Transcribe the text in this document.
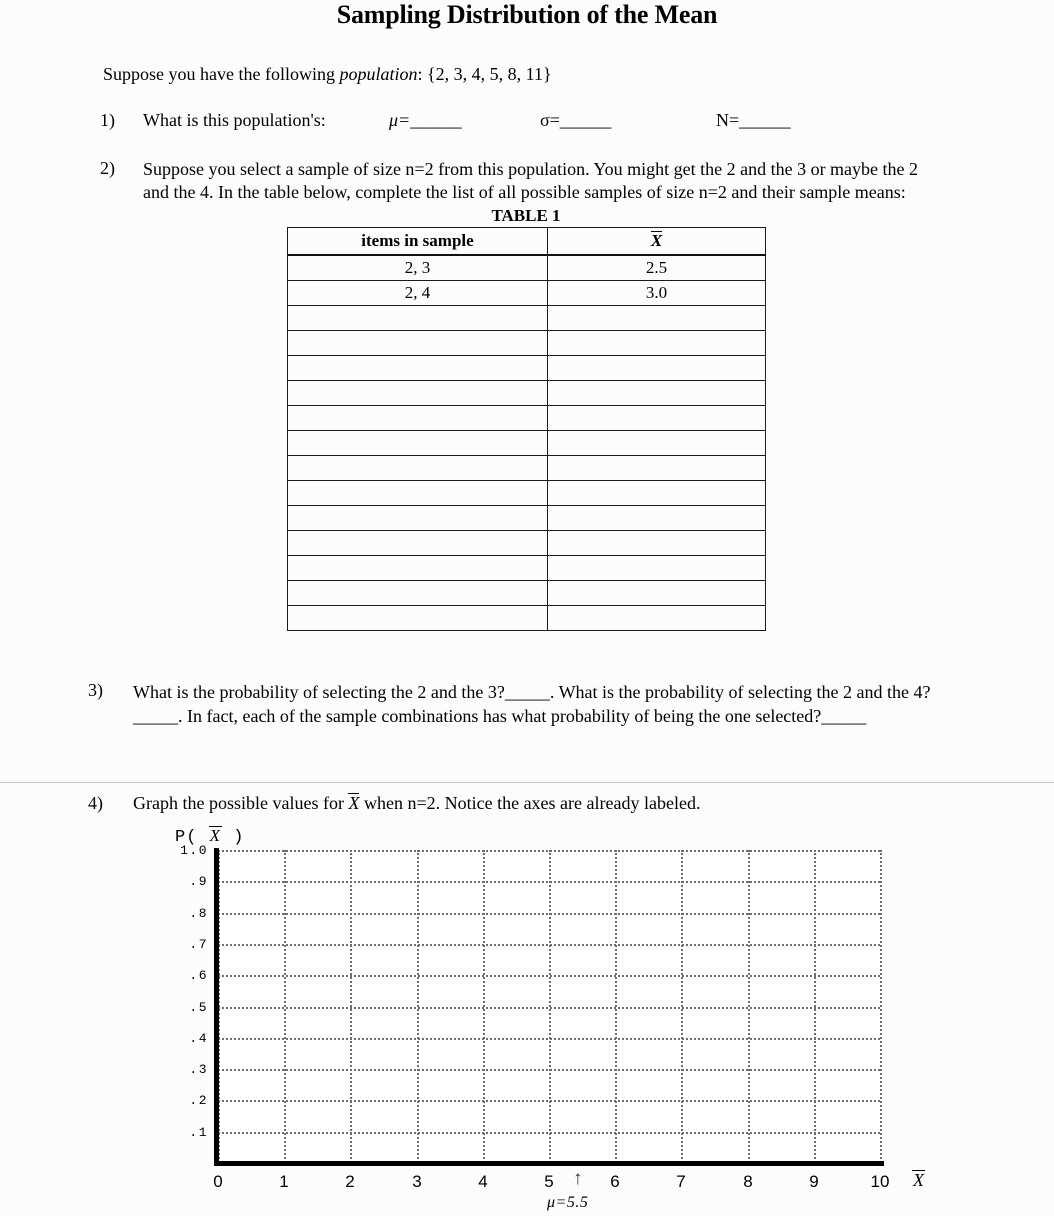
Sampling Distribution of the Mean
Suppose you have the following population: {2, 3, 4, 5, 8, 11}
1) What is this population's:	μ=______	σ=______	N=______
2) Suppose you select a sample of size n=2 from this population. You might get the 2 and the 3 or maybe the 2 and the 4. In the table below, complete the list of all possible samples of size n=2 and their sample means:
TABLE 1
items in sample	X
2, 3	2.5
2, 4	3.0

3) What is the probability of selecting the 2 and the 3?_____. What is the probability of selecting the 2 and the 4?_____. In fact, each of the sample combinations has what probability of being the one selected?_____
4) Graph the possible values for X when n=2. Notice the axes are already labeled.
P( X )
1.0
.9
.8
.7
.6
.5
.4
.3
.2
.1
0	1	2	3	4	5	6	7	8	9	10
↑
μ=5.5
X
